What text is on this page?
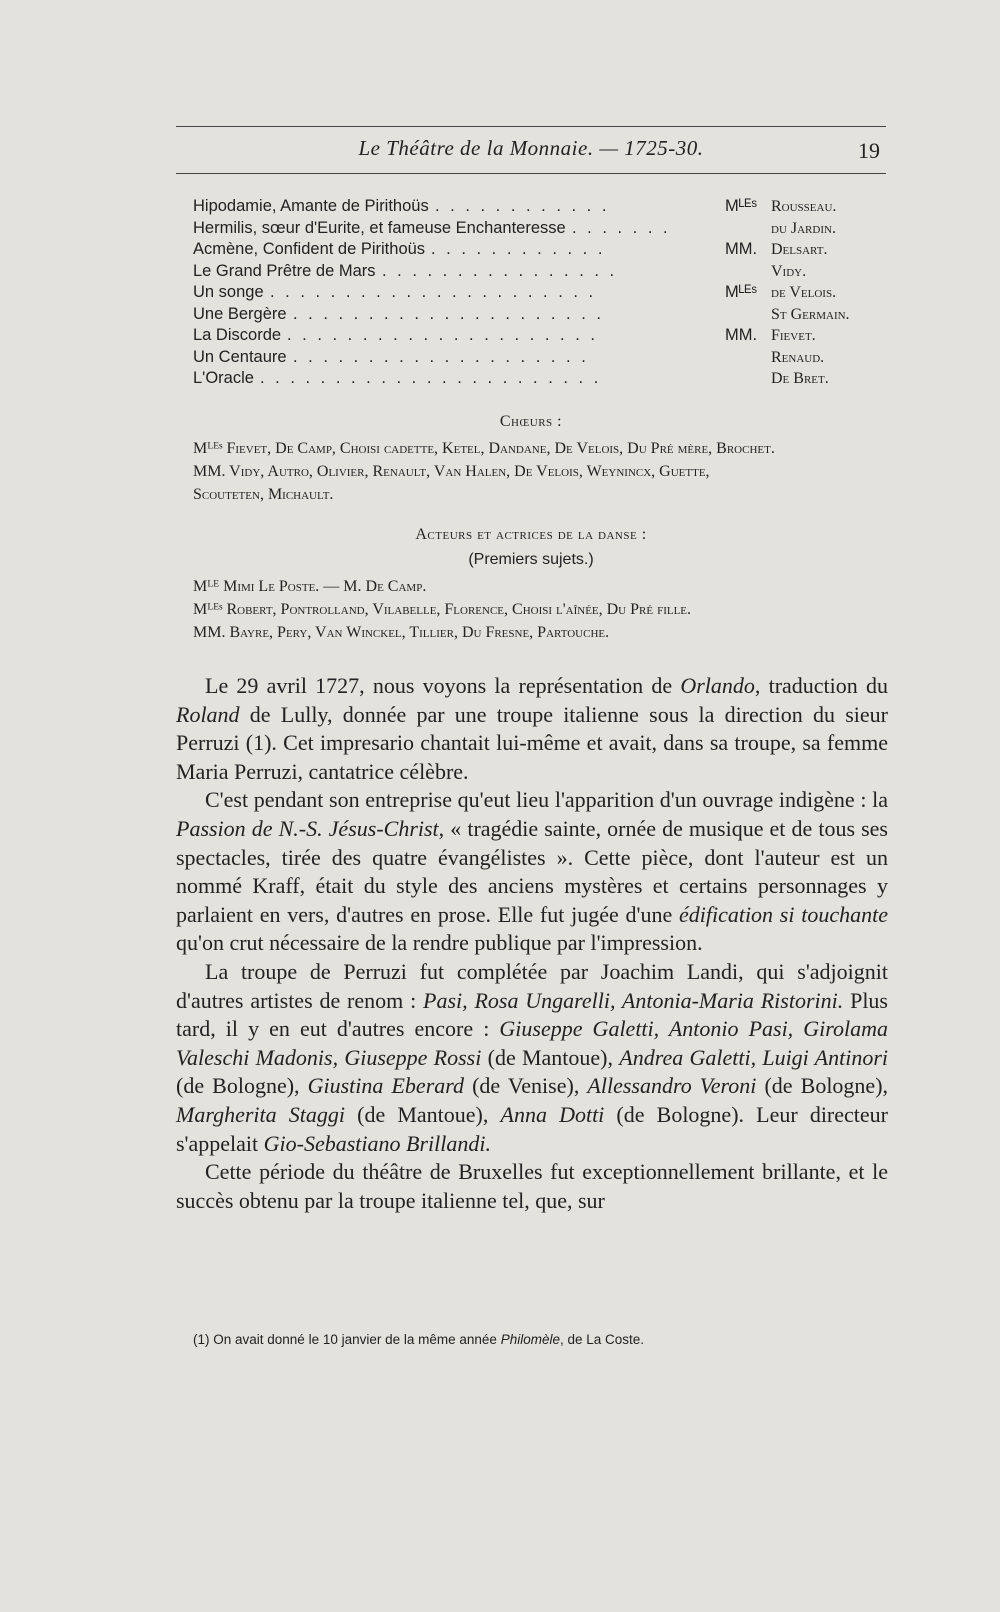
Le Théâtre de la Monnaie. — 1725-30.	19
Hipodamie, Amante de Pirithoüs . . . . . . . . . . . .	Mᴸᴱˢ Rousseau.
Hermilis, sœur d'Eurite, et fameuse Enchanteresse . . . . . . .	du Jardin.
Acmène, Confident de Pirithoüs . . . . . . . . . . . .	MM. Delsart.
Le Grand Prêtre de Mars . . . . . . . . . . . . . . . .	Vidy.
Un songe . . . . . . . . . . . . . . . . . . . . . .	Mᴸᴱˢ de Velois.
Une Bergère . . . . . . . . . . . . . . . . . . . . .	St Germain.
La Discorde . . . . . . . . . . . . . . . . . . . . .	MM. Fievet.
Un Centaure . . . . . . . . . . . . . . . . . . . .	Renaud.
L'Oracle . . . . . . . . . . . . . . . . . . . . . . .	De Bret.
Chœurs :
Mᴸᴱˢ Fievet, De Camp, Choisi cadette, Ketel, Dandane, De Velois, Du Pré mère, Brochet.
MM. Vidy, Autro, Olivier, Renault, Van Halen, De Velois, Weynincx, Guette,
Scouteten, Michault.
Acteurs et actrices de la danse :
(Premiers sujets.)
Mᴸᴱ Mimi Le Poste. — M. De Camp.
Mᴸᴱˢ Robert, Pontrolland, Vilabelle, Florence, Choisi l'aînée, Du Pré fille.
MM. Bayre, Pery, Van Winckel, Tillier, Du Fresne, Partouche.

Le 29 avril 1727, nous voyons la représentation de Orlando, traduction du Roland de Lully, donnée par une troupe italienne sous la direction du sieur Perruzi (1). Cet impresario chantait lui-même et avait, dans sa troupe, sa femme Maria Perruzi, cantatrice célèbre.

C'est pendant son entreprise qu'eut lieu l'apparition d'un ouvrage indigène : la Passion de N.-S. Jésus-Christ, « tragédie sainte, ornée de musique et de tous ses spectacles, tirée des quatre évangélistes ». Cette pièce, dont l'auteur est un nommé Kraff, était du style des anciens mystères et certains personnages y parlaient en vers, d'autres en prose. Elle fut jugée d'une édification si touchante qu'on crut nécessaire de la rendre publique par l'impression.

La troupe de Perruzi fut complétée par Joachim Landi, qui s'adjoignit d'autres artistes de renom : Pasi, Rosa Ungarelli, Antonia-Maria Ristorini. Plus tard, il y en eut d'autres encore : Giuseppe Galetti, Antonio Pasi, Girolama Valeschi Madonis, Giuseppe Rossi (de Mantoue), Andrea Galetti, Luigi Antinori (de Bologne), Giustina Eberard (de Venise), Allessandro Veroni (de Bologne), Margherita Staggi (de Mantoue), Anna Dotti (de Bologne). Leur directeur s'appelait Gio-Sebastiano Brillandi.

Cette période du théâtre de Bruxelles fut exceptionnellement brillante, et le succès obtenu par la troupe italienne tel, que, sur

(1) On avait donné le 10 janvier de la même année Philomèle, de La Coste.
